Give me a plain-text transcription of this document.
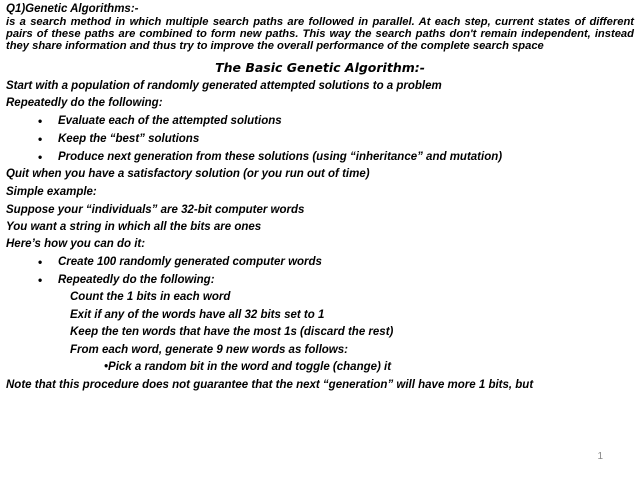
Q1)Genetic Algorithms:-
is a search method in which multiple search paths are followed in parallel. At each step, current states of different pairs of these paths are combined to form new paths. This way the search paths don't remain independent, instead they share information and thus try to improve the overall performance of the complete search space
The Basic Genetic Algorithm:-
Start with a population of randomly generated attempted solutions to a problem
Repeatedly do the following:
• Evaluate each of the attempted solutions
• Keep the “best” solutions
• Produce next generation from these solutions (using “inheritance” and mutation)
Quit when you have a satisfactory solution (or you run out of time)
Simple example:
Suppose your “individuals” are 32-bit computer words
You want a string in which all the bits are ones
Here’s how you can do it:
• Create 100 randomly generated computer words
• Repeatedly do the following:
Count the 1 bits in each word
Exit if any of the words have all 32 bits set to 1
Keep the ten words that have the most 1s (discard the rest)
From each word, generate 9 new words as follows:
•Pick a random bit in the word and toggle (change) it
Note that this procedure does not guarantee that the next “generation” will have more 1 bits, but
1
